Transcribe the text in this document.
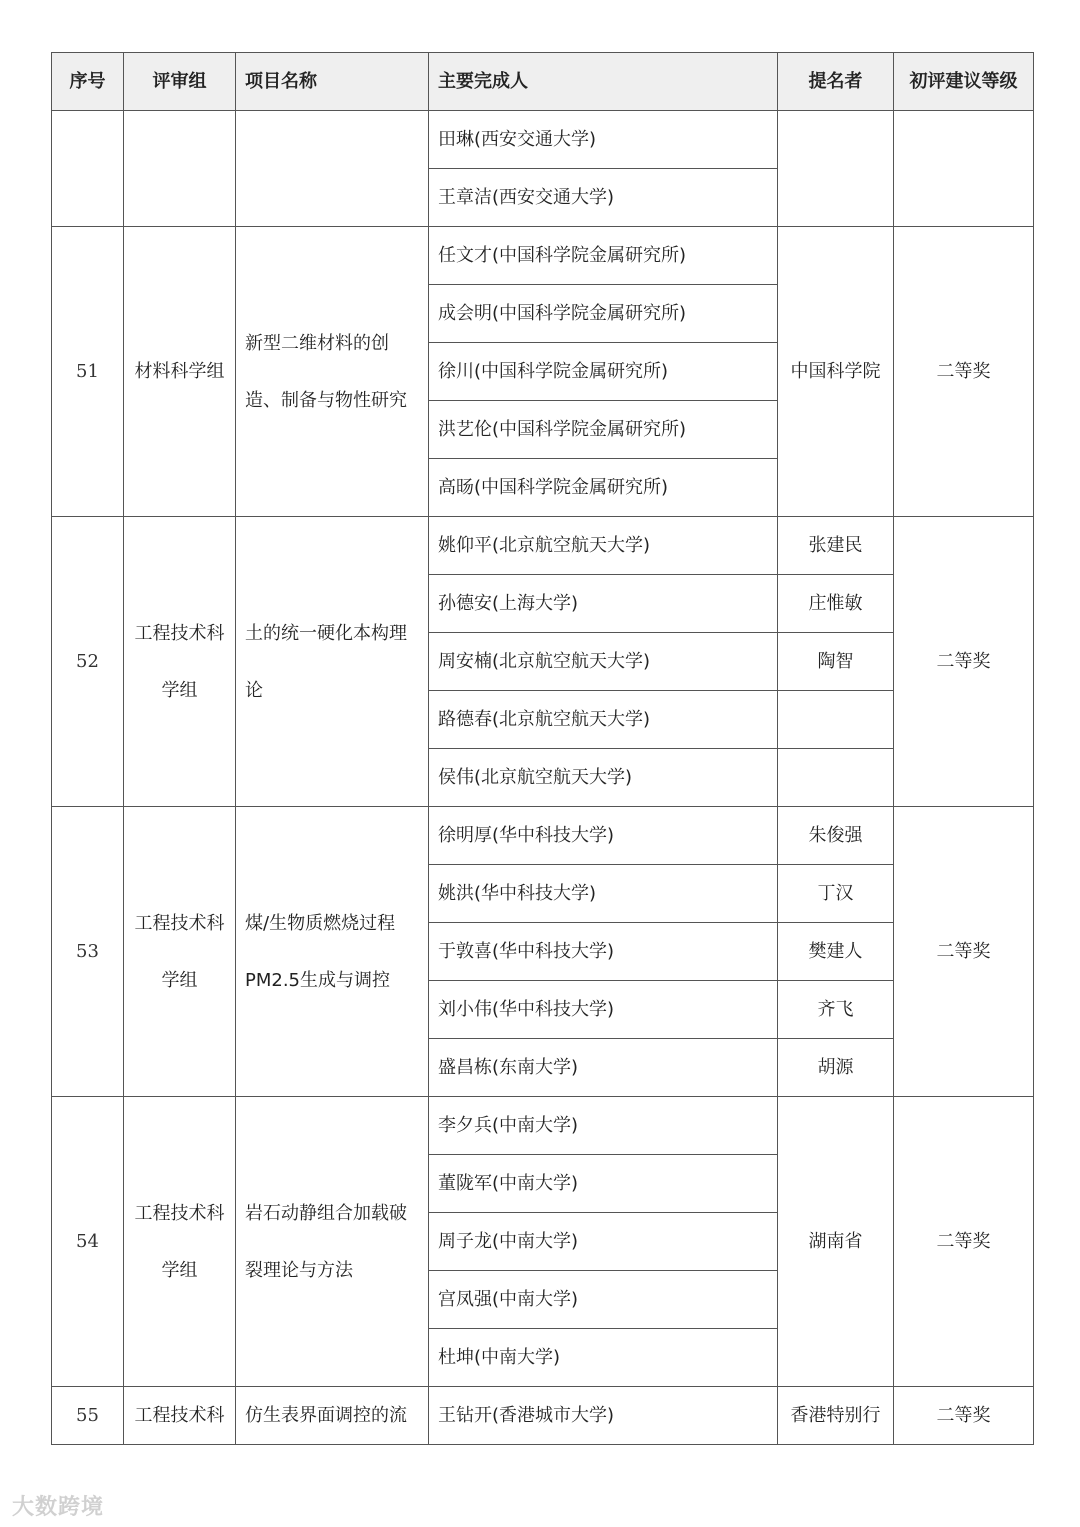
序号	评审组	项目名称	主要完成人	提名者	初评建议等级
			田琳(西安交通大学)		
			王章洁(西安交通大学)		
51	材料科学组	新型二维材料的创造、制备与物性研究	任文才(中国科学院金属研究所)	中国科学院	二等奖
			成会明(中国科学院金属研究所)		
			徐川(中国科学院金属研究所)		
			洪艺伦(中国科学院金属研究所)		
			高旸(中国科学院金属研究所)		
52	工程技术科学组	土的统一硬化本构理论	姚仰平(北京航空航天大学)	张建民	二等奖
			孙德安(上海大学)	庄惟敏	
			周安楠(北京航空航天大学)	陶智	
			路德春(北京航空航天大学)		
			侯伟(北京航空航天大学)		
53	工程技术科学组	煤/生物质燃烧过程PM2.5生成与调控	徐明厚(华中科技大学)	朱俊强	二等奖
			姚洪(华中科技大学)	丁汉	
			于敦喜(华中科技大学)	樊建人	
			刘小伟(华中科技大学)	齐飞	
			盛昌栋(东南大学)	胡源	
54	工程技术科学组	岩石动静组合加载破裂理论与方法	李夕兵(中南大学)	湖南省	二等奖
			董陇军(中南大学)		
			周子龙(中南大学)		
			宫凤强(中南大学)		
			杜坤(中南大学)		
55	工程技术科	仿生表界面调控的流	王钻开(香港城市大学)	香港特别行	二等奖
大数跨境
